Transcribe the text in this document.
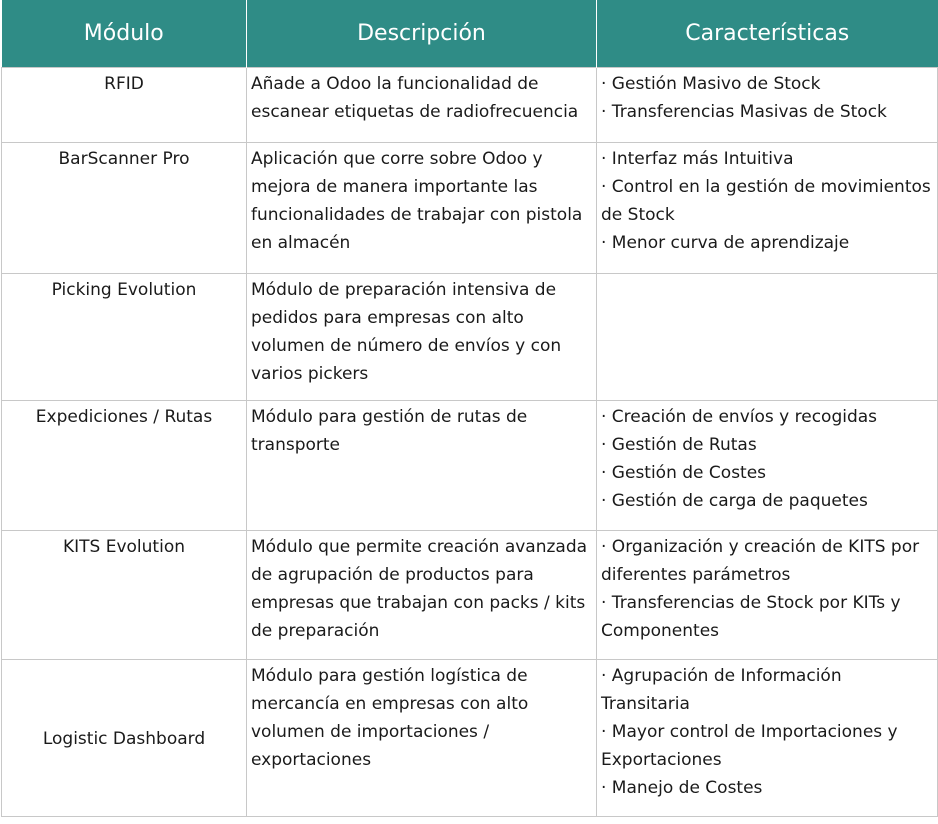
Módulo	Descripción	Características
RFID	Añade a Odoo la funcionalidad de escanear etiquetas de radiofrecuencia	· Gestión Masivo de Stock
· Transferencias Masivas de Stock

BarScanner Pro	Aplicación que corre sobre Odoo y mejora de manera importante las funcionalidades de trabajar con pistola en almacén	· Interfaz más Intuitiva
· Control en la gestión de movimientos de Stock
· Menor curva de aprendizaje

Picking Evolution	Módulo de preparación intensiva de pedidos para empresas con alto volumen de número de envíos y con varios pickers	
Expediciones / Rutas	Módulo para gestión de rutas de transporte	· Creación de envíos y recogidas
· Gestión de Rutas
· Gestión de Costes
· Gestión de carga de paquetes

KITS Evolution	Módulo que permite creación avanzada de agrupación de productos para empresas que trabajan con packs / kits de preparación	· Organización y creación de KITS por diferentes parámetros
· Transferencias de Stock por KITs y Componentes

Logistic Dashboard	Módulo para gestión logística de mercancía en empresas con alto volumen de importaciones / exportaciones	· Agrupación de Información Transitaria
· Mayor control de Importaciones y Exportaciones
· Manejo de Costes
